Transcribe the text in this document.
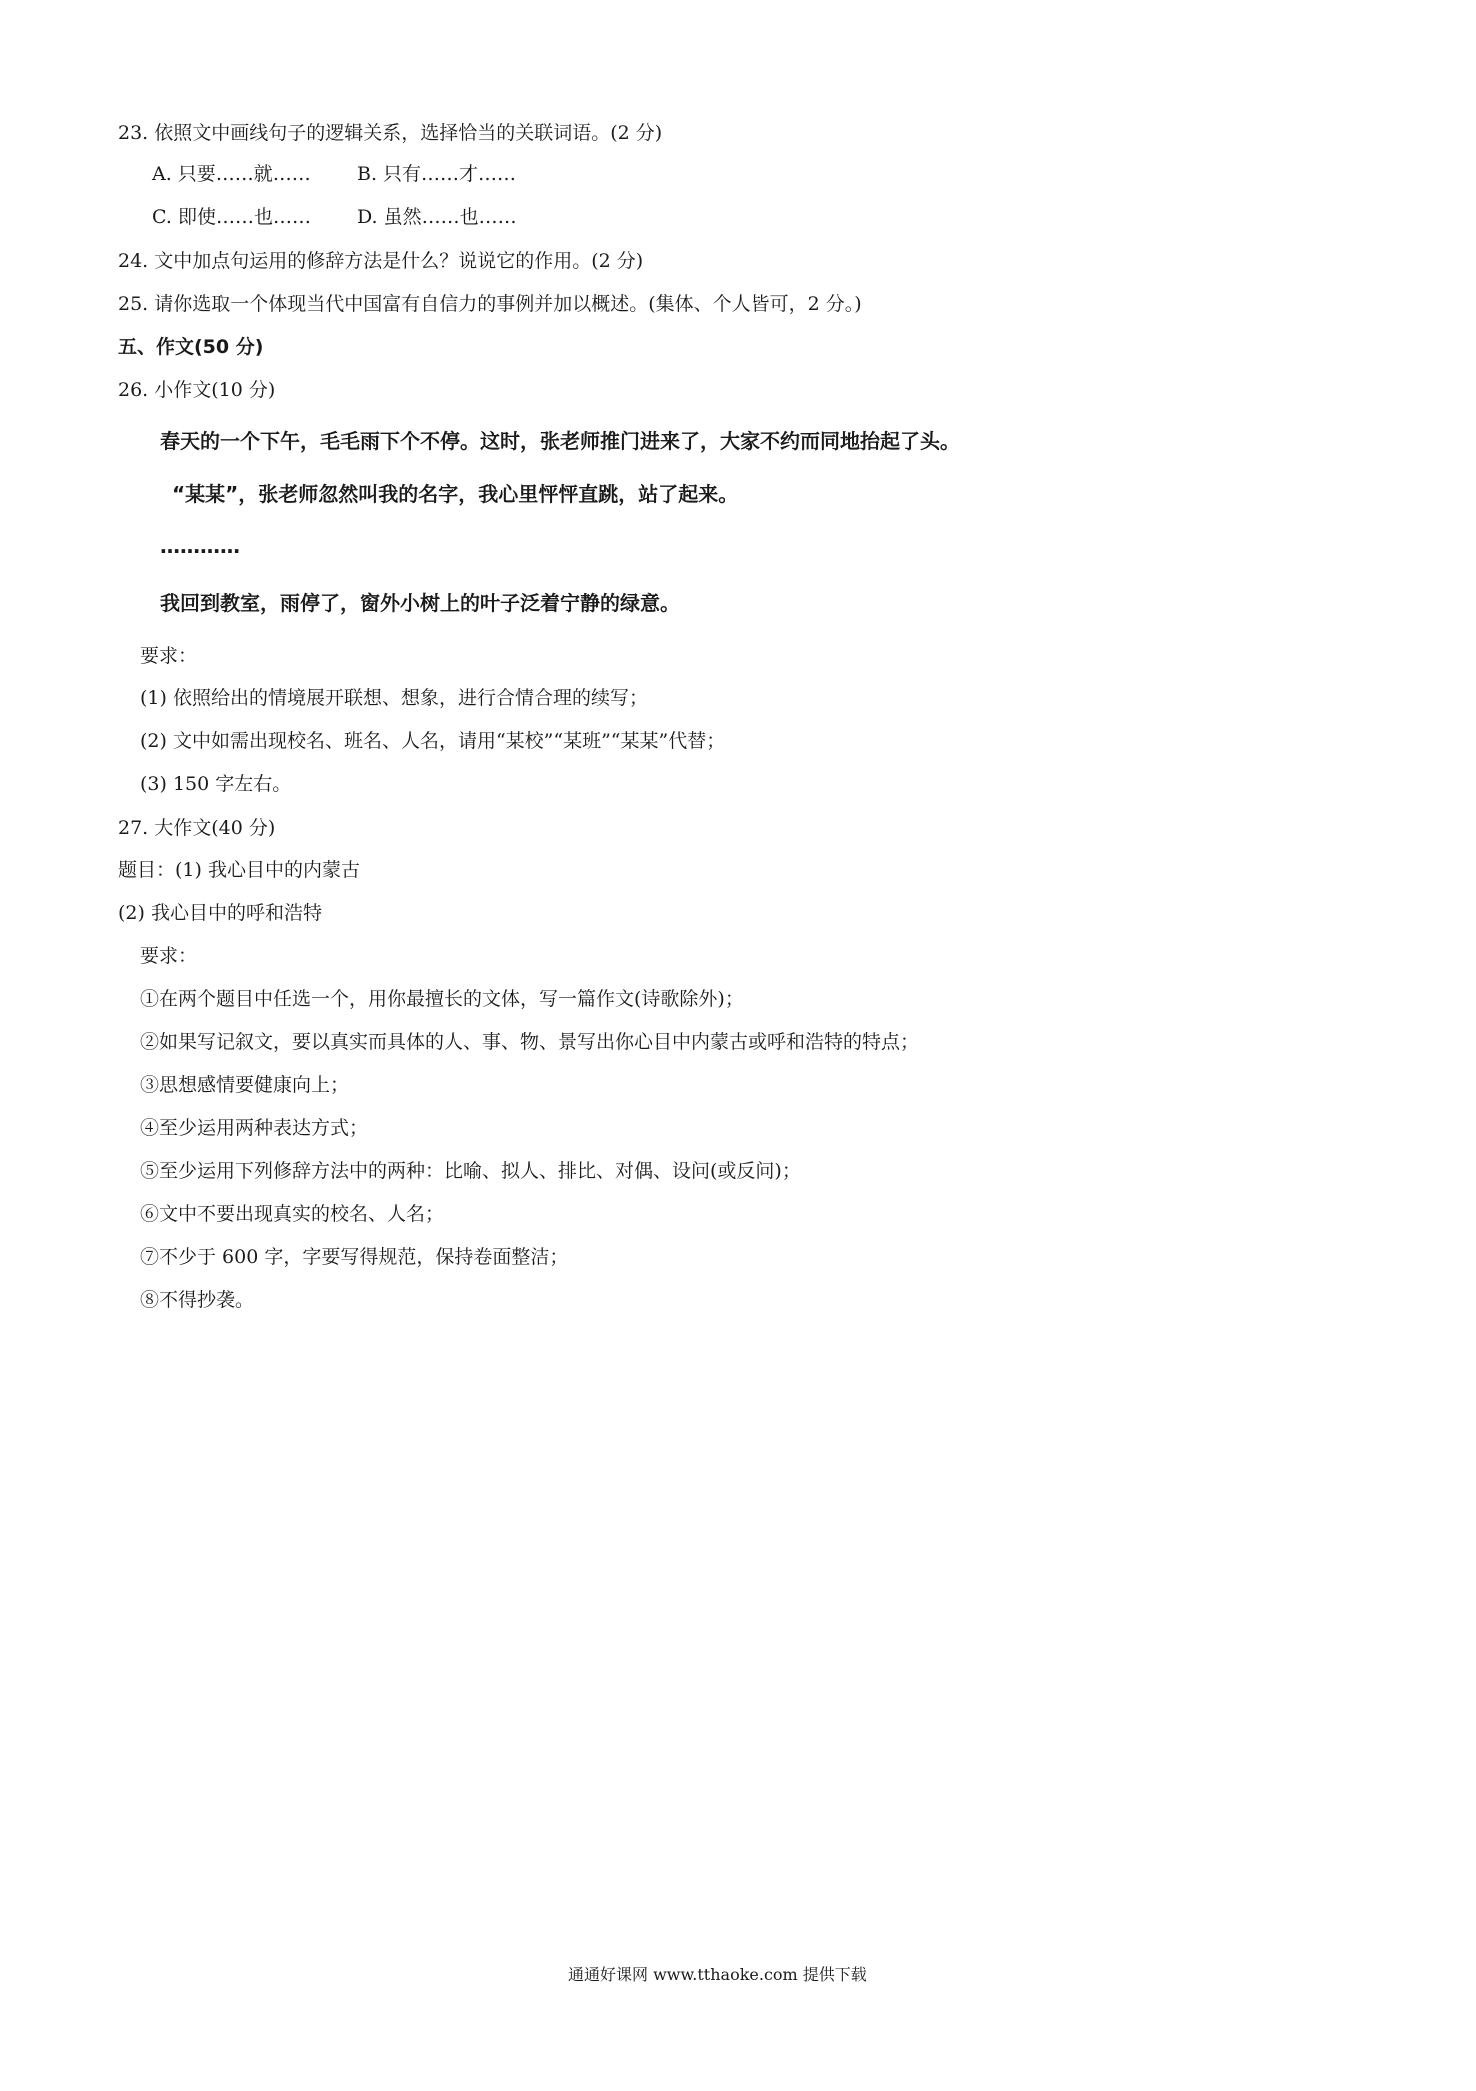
23. 依照文中画线句子的逻辑关系，选择恰当的关联词语。(2 分)
A. 只要……就…… B. 只有……才……
C. 即使……也…… D. 虽然……也……
24. 文中加点句运用的修辞方法是什么？说说它的作用。(2 分)
25. 请你选取一个体现当代中国富有自信力的事例并加以概述。(集体、个人皆可，2 分。)
五、作文(50 分)
26. 小作文(10 分)
春天的一个下午，毛毛雨下个不停。这时，张老师推门进来了，大家不约而同地抬起了头。
“某某”，张老师忽然叫我的名字，我心里怦怦直跳，站了起来。
…………
我回到教室，雨停了，窗外小树上的叶子泛着宁静的绿意。
要求：
(1) 依照给出的情境展开联想、想象，进行合情合理的续写；
(2) 文中如需出现校名、班名、人名，请用“某校”“某班”“某某”代替；
(3) 150 字左右。
27. 大作文(40 分)
题目：(1) 我心目中的内蒙古
(2) 我心目中的呼和浩特
要求：
①在两个题目中任选一个，用你最擅长的文体，写一篇作文(诗歌除外)；
②如果写记叙文，要以真实而具体的人、事、物、景写出你心目中内蒙古或呼和浩特的特点；
③思想感情要健康向上；
④至少运用两种表达方式；
⑤至少运用下列修辞方法中的两种：比喻、拟人、排比、对偶、设问(或反问)；
⑥文中不要出现真实的校名、人名；
⑦不少于 600 字，字要写得规范，保持卷面整洁；
⑧不得抄袭。
通通好课网 www.tthaoke.com 提供下载
